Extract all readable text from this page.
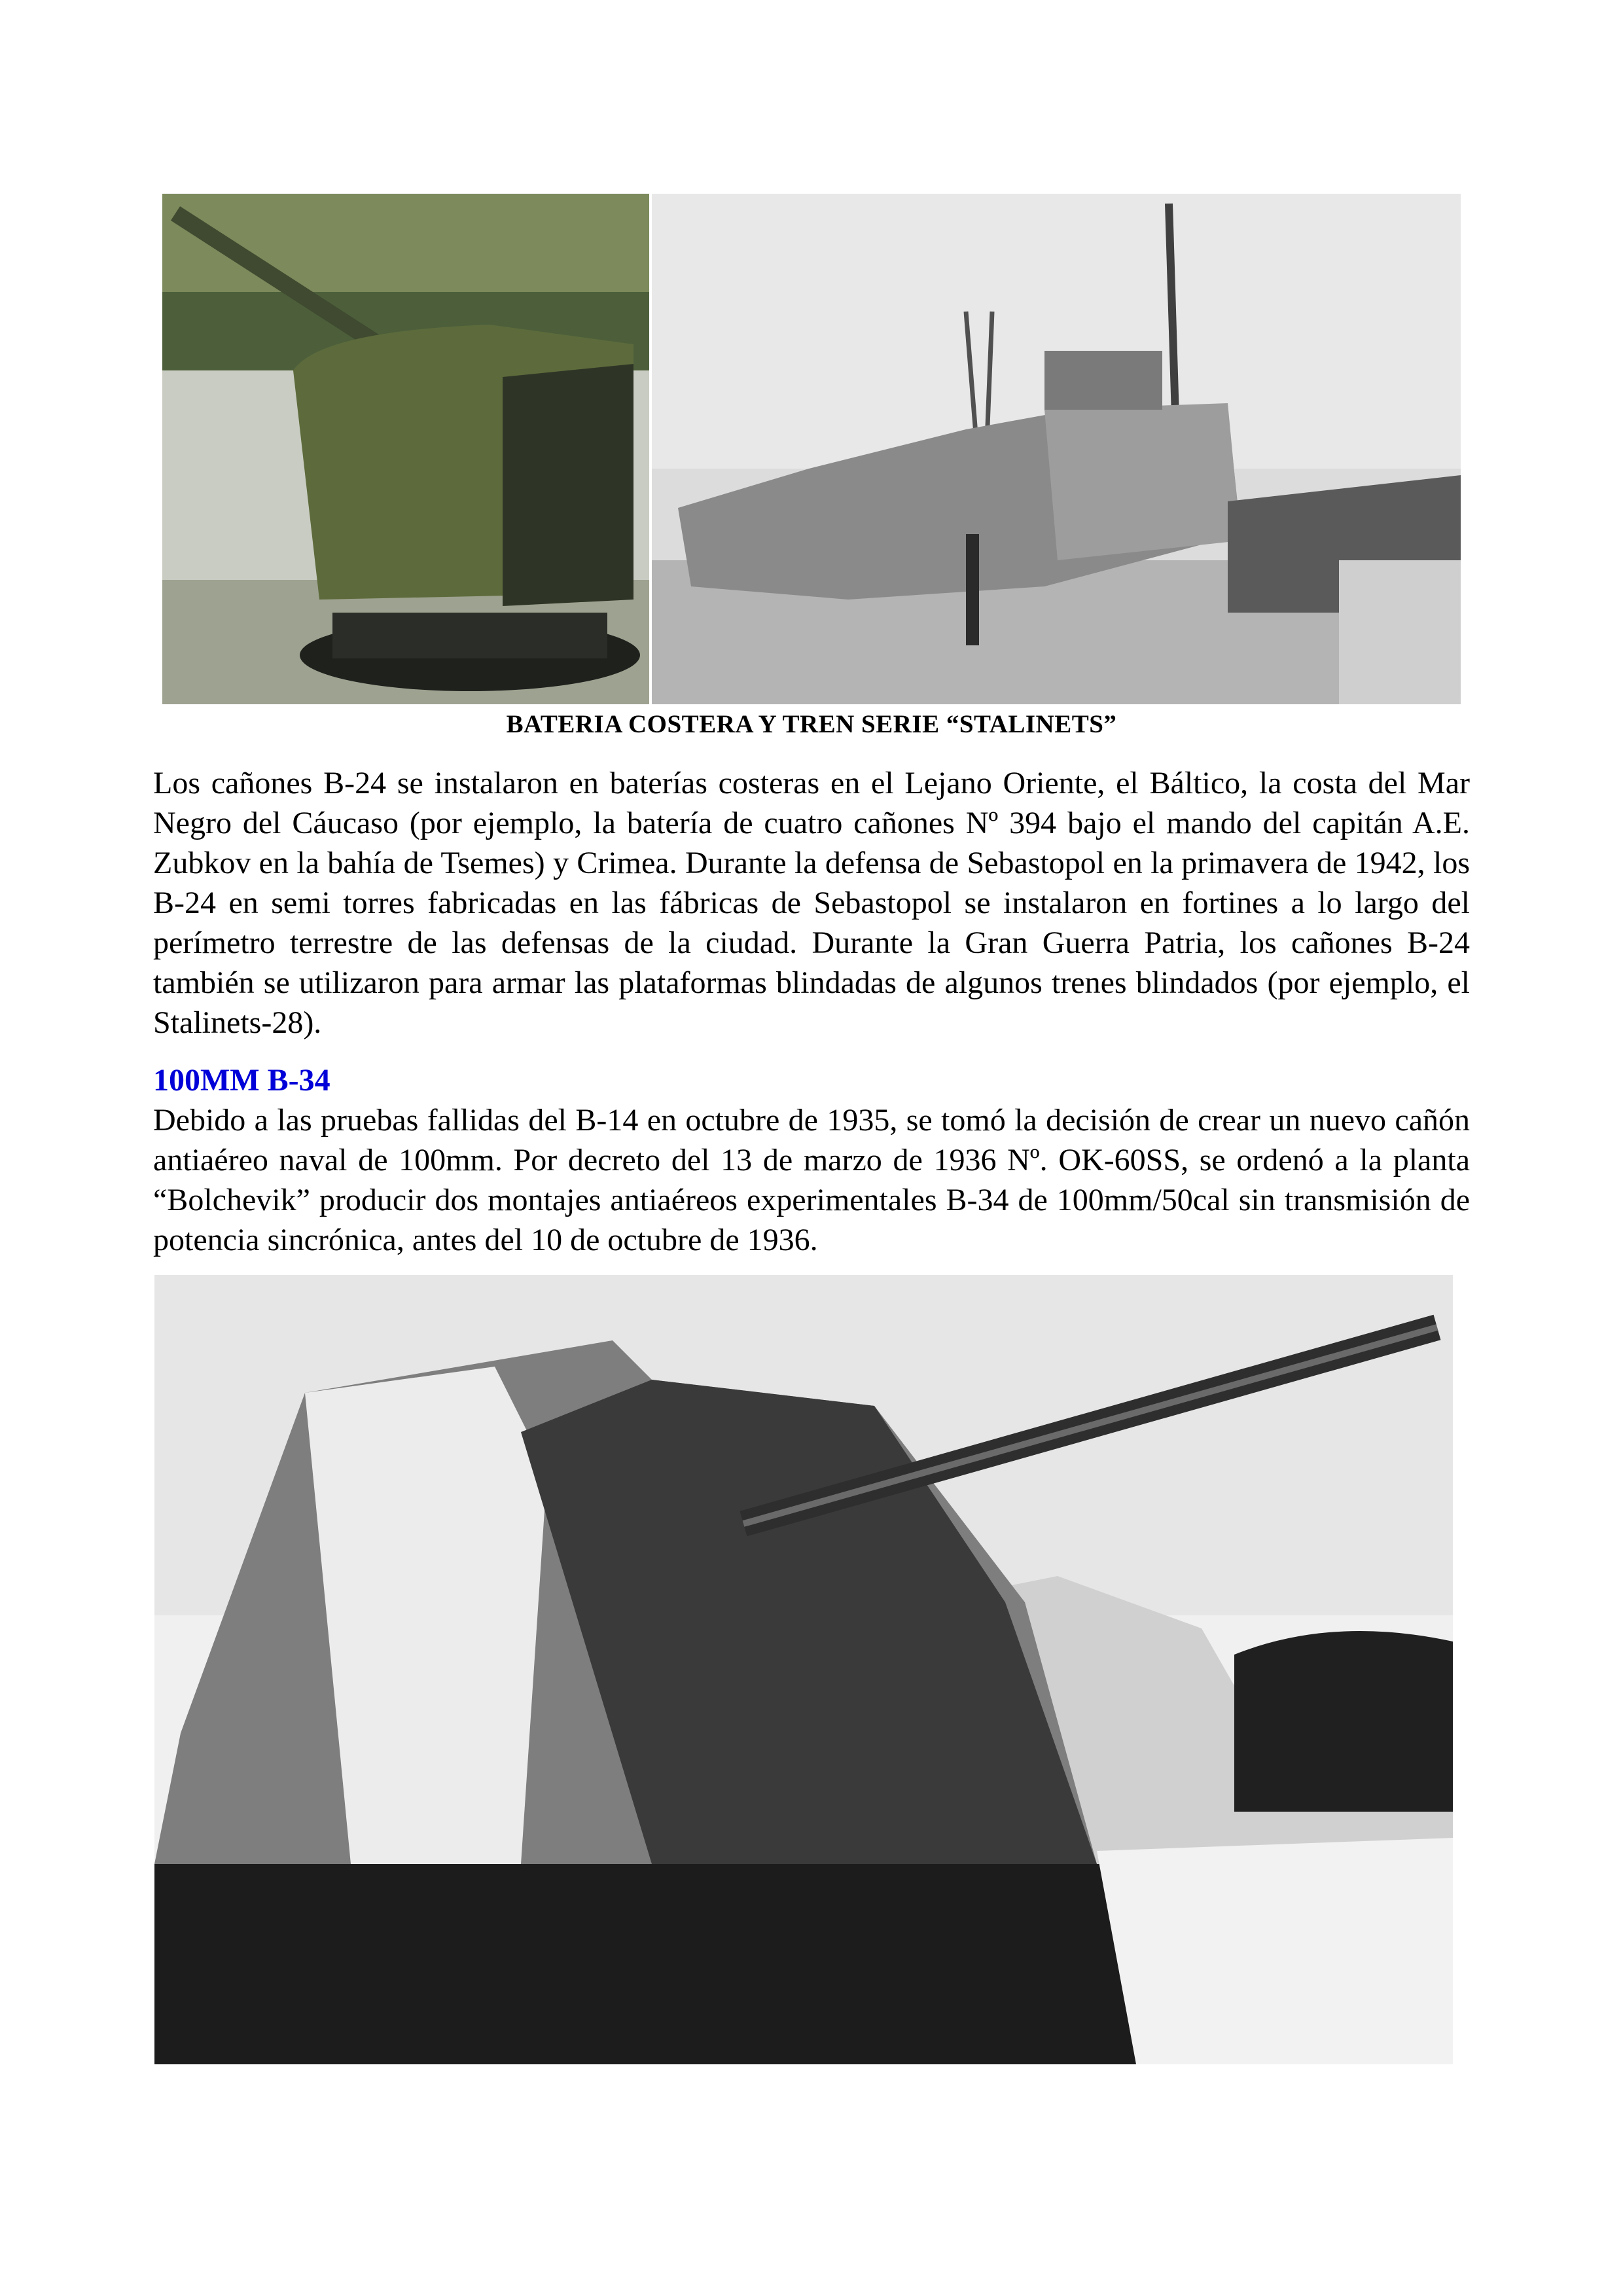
BATERIA COSTERA Y TREN SERIE “STALINETS”

Los cañones B-24 se instalaron en baterías costeras en el Lejano Oriente, el Báltico, la costa del Mar Negro del Cáucaso (por ejemplo, la batería de cuatro cañones Nº 394 bajo el mando del capitán A.E. Zubkov en la bahía de Tsemes) y Crimea. Durante la defensa de Sebastopol en la primavera de 1942, los B-24 en semi torres fabricadas en las fábricas de Sebastopol se instalaron en fortines a lo largo del perímetro terrestre de las defensas de la ciudad. Durante la Gran Guerra Patria, los cañones B-24 también se utilizaron para armar las plataformas blindadas de algunos trenes blindados (por ejemplo, el Stalinets-28).

100MM B-34

Debido a las pruebas fallidas del B-14 en octubre de 1935, se tomó la decisión de crear un nuevo cañón antiaéreo naval de 100mm. Por decreto del 13 de marzo de 1936 Nº. OK-60SS, se ordenó a la planta “Bolchevik” producir dos montajes antiaéreos experimentales B-34 de 100mm/50cal sin transmisión de potencia sincrónica, antes del 10 de octubre de 1936.
